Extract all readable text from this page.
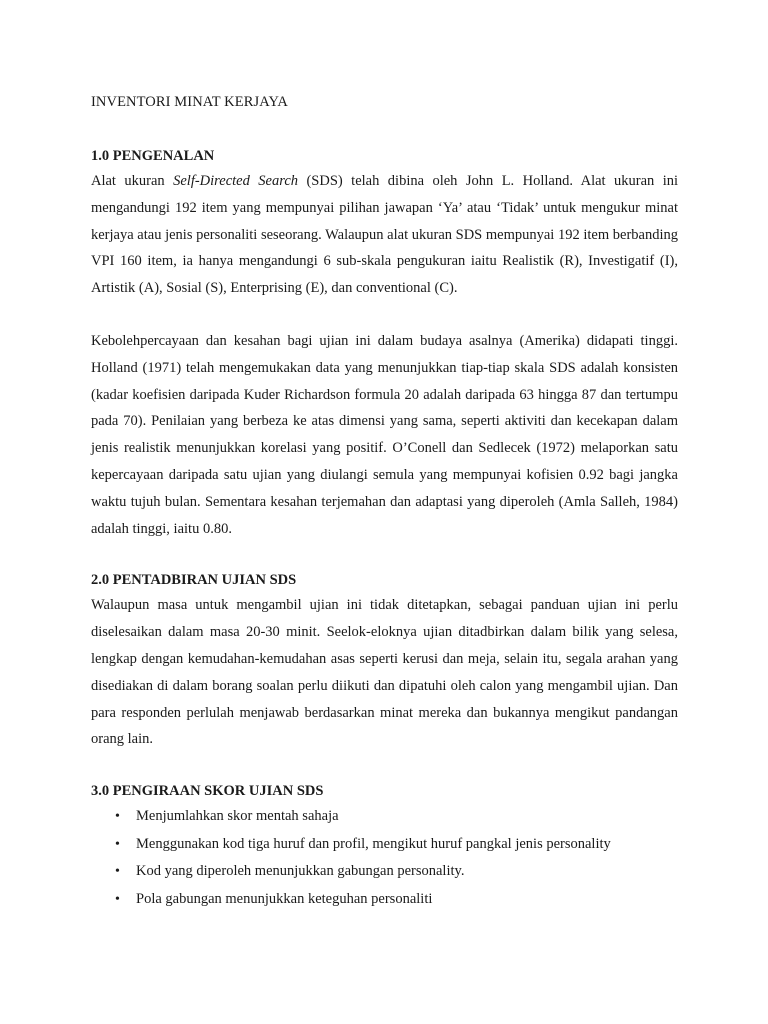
INVENTORI MINAT KERJAYA
1.0 PENGENALAN

Alat ukuran Self-Directed Search (SDS) telah dibina oleh John L. Holland. Alat ukuran ini mengandungi 192 item yang mempunyai pilihan jawapan ‘Ya’ atau ‘Tidak’ untuk mengukur minat kerjaya atau jenis personaliti seseorang. Walaupun alat ukuran SDS mempunyai 192 item berbanding VPI 160 item, ia hanya mengandungi 6 sub-skala pengukuran iaitu Realistik (R), Investigatif (I), Artistik (A), Sosial (S), Enterprising (E), dan conventional (C).

Kebolehpercayaan dan kesahan bagi ujian ini dalam budaya asalnya (Amerika) didapati tinggi. Holland (1971) telah mengemukakan data yang menunjukkan tiap-tiap skala SDS adalah konsisten (kadar koefisien daripada Kuder Richardson formula 20 adalah daripada 63 hingga 87 dan tertumpu pada 70). Penilaian yang berbeza ke atas dimensi yang sama, seperti aktiviti dan kecekapan dalam jenis realistik menunjukkan korelasi yang positif. O’Conell dan Sedlecek (1972) melaporkan satu kepercayaan daripada satu ujian yang diulangi semula yang mempunyai kofisien 0.92 bagi jangka waktu tujuh bulan. Sementara kesahan terjemahan dan adaptasi yang diperoleh (Amla Salleh, 1984) adalah tinggi, iaitu 0.80.

2.0 PENTADBIRAN UJIAN SDS

Walaupun masa untuk mengambil ujian ini tidak ditetapkan, sebagai panduan ujian ini perlu diselesaikan dalam masa 20-30 minit. Seelok-eloknya ujian ditadbirkan dalam bilik yang selesa, lengkap dengan kemudahan-kemudahan asas seperti kerusi dan meja, selain itu, segala arahan yang disediakan di dalam borang soalan perlu diikuti dan dipatuhi oleh calon yang mengambil ujian. Dan para responden perlulah menjawab berdasarkan minat mereka dan bukannya mengikut pandangan orang lain.

3.0 PENGIRAAN SKOR UJIAN SDS
• Menjumlahkan skor mentah sahaja
• Menggunakan kod tiga huruf dan profil, mengikut huruf pangkal jenis personality
• Kod yang diperoleh menunjukkan gabungan personality.
• Pola gabungan menunjukkan keteguhan personaliti
